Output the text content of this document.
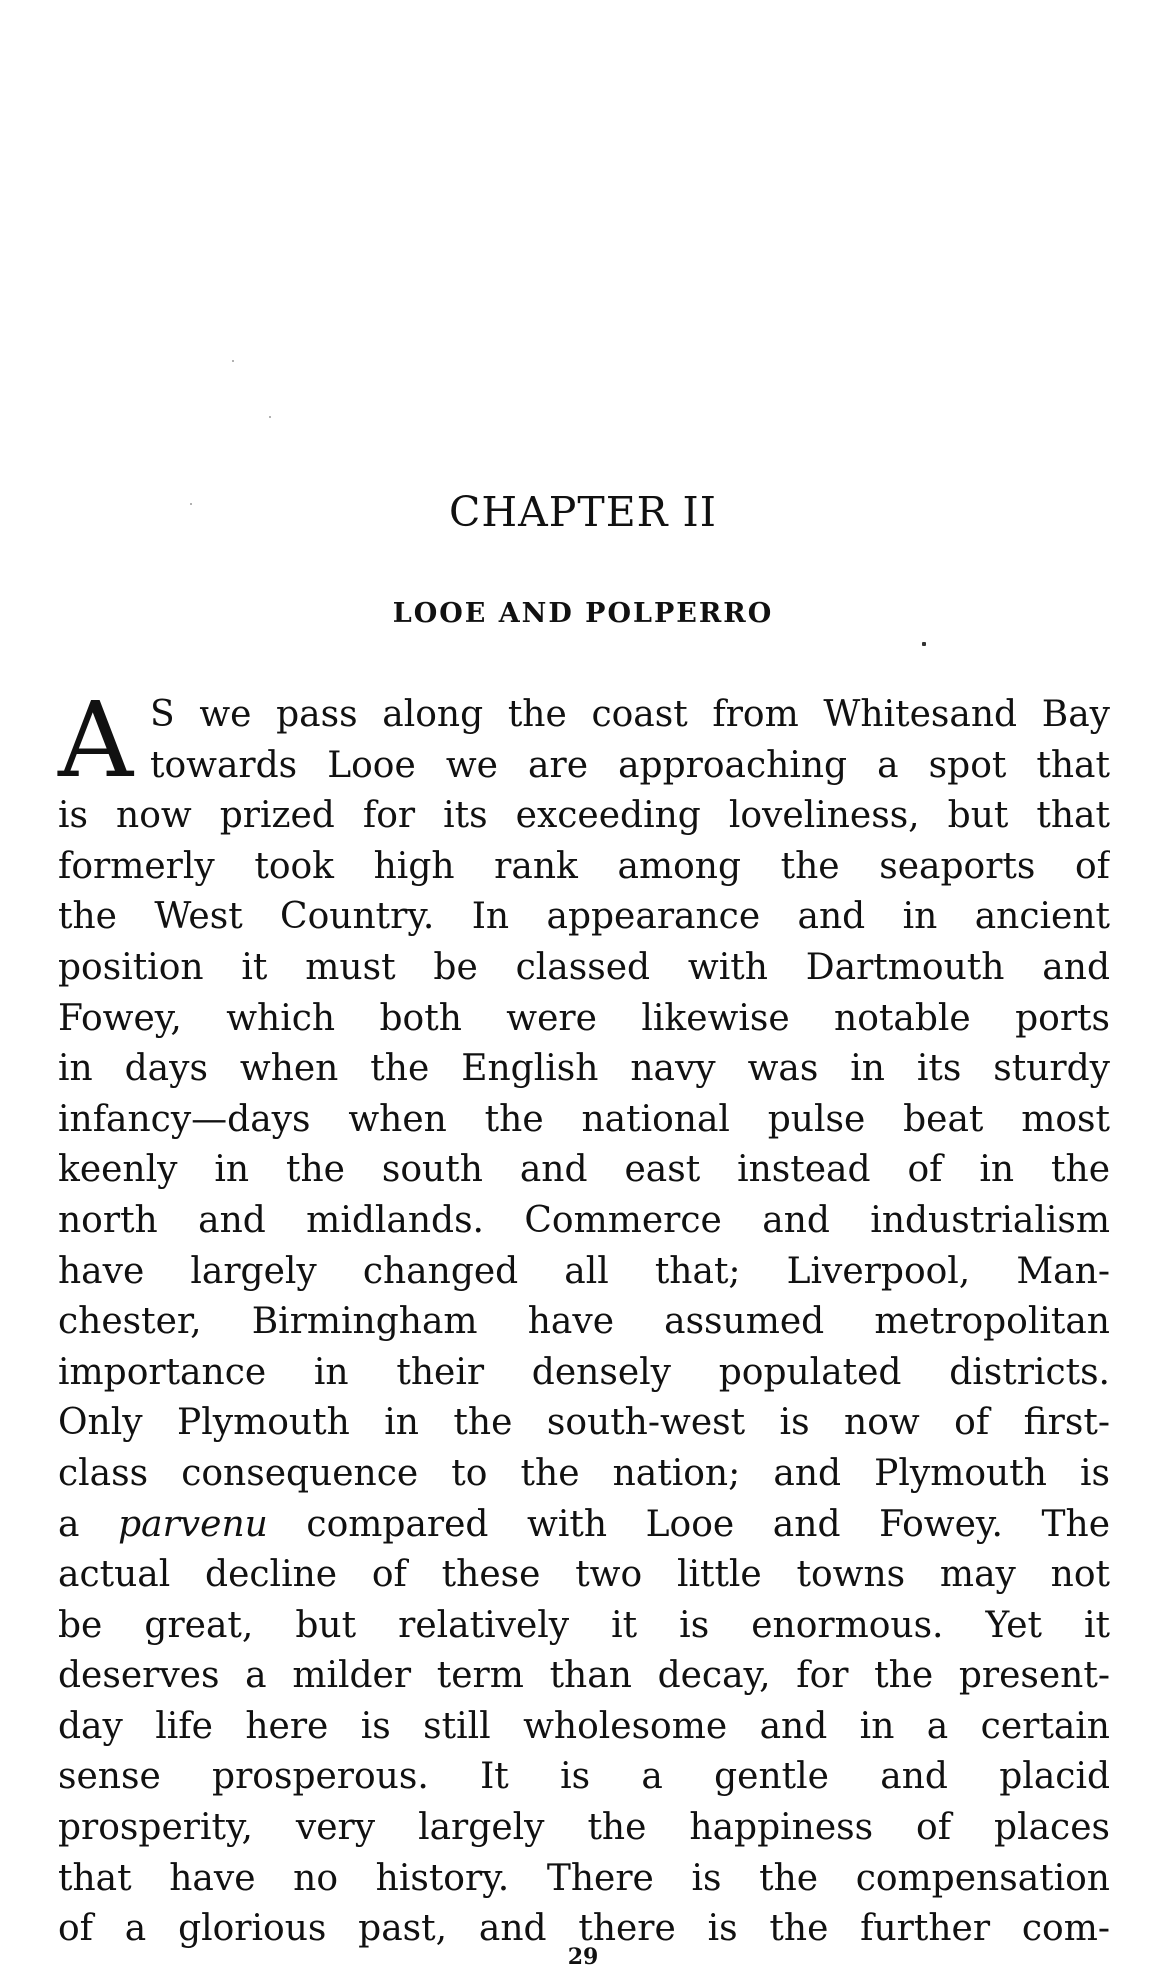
CHAPTER II
LOOE AND POLPERRO
A S we pass along the coast from Whitesand Bay
towards Looe we are approaching a spot that
is now prized for its exceeding loveliness, but that
formerly took high rank among the seaports of
the West Country. In appearance and in ancient
position it must be classed with Dartmouth and
Fowey, which both were likewise notable ports
in days when the English navy was in its sturdy
infancy—days when the national pulse beat most
keenly in the south and east instead of in the
north and midlands. Commerce and industrialism
have largely changed all that; Liverpool, Man-
chester, Birmingham have assumed metropolitan
importance in their densely populated districts.
Only Plymouth in the south-west is now of first-
class consequence to the nation; and Plymouth is
a parvenu compared with Looe and Fowey. The
actual decline of these two little towns may not
be great, but relatively it is enormous. Yet it
deserves a milder term than decay, for the present-
day life here is still wholesome and in a certain
sense prosperous. It is a gentle and placid
prosperity, very largely the happiness of places
that have no history. There is the compensation
of a glorious past, and there is the further com-
29
